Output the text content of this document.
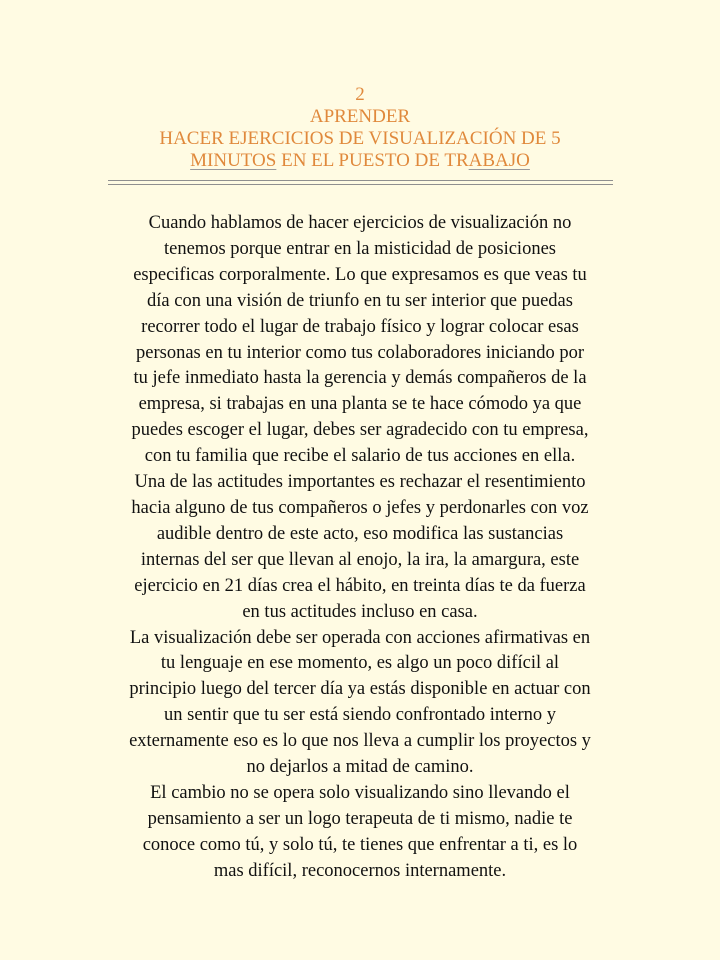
2
APRENDER
HACER EJERCICIOS DE VISUALIZACIÓN DE 5
MINUTOS EN EL PUESTO DE TRABAJO
Cuando hablamos de hacer ejercicios de visualización no
tenemos porque entrar en la misticidad de posiciones
especificas corporalmente. Lo que expresamos es que veas tu
día con una visión de triunfo en tu ser interior que puedas
recorrer todo el lugar de trabajo físico y lograr colocar esas
personas en tu interior como tus colaboradores iniciando por
tu jefe inmediato hasta la gerencia y demás compañeros de la
empresa, si trabajas en una planta se te hace cómodo ya que
puedes escoger el lugar, debes ser agradecido con tu empresa,
con tu familia que recibe el salario de tus acciones en ella.
Una de las actitudes importantes es rechazar el resentimiento
hacia alguno de tus compañeros o jefes y perdonarles con voz
audible dentro de este acto, eso modifica las sustancias
internas del ser que llevan al enojo, la ira, la amargura, este
ejercicio en 21 días crea el hábito, en treinta días te da fuerza
en tus actitudes incluso en casa.
La visualización debe ser operada con acciones afirmativas en
tu lenguaje en ese momento, es algo un poco difícil al
principio luego del tercer día ya estás disponible en actuar con
un sentir que tu ser está siendo confrontado interno y
externamente eso es lo que nos lleva a cumplir los proyectos y
no dejarlos a mitad de camino.
El cambio no se opera solo visualizando sino llevando el
pensamiento a ser un logo terapeuta de ti mismo, nadie te
conoce como tú, y solo tú, te tienes que enfrentar a ti, es lo
mas difícil, reconocernos internamente.
